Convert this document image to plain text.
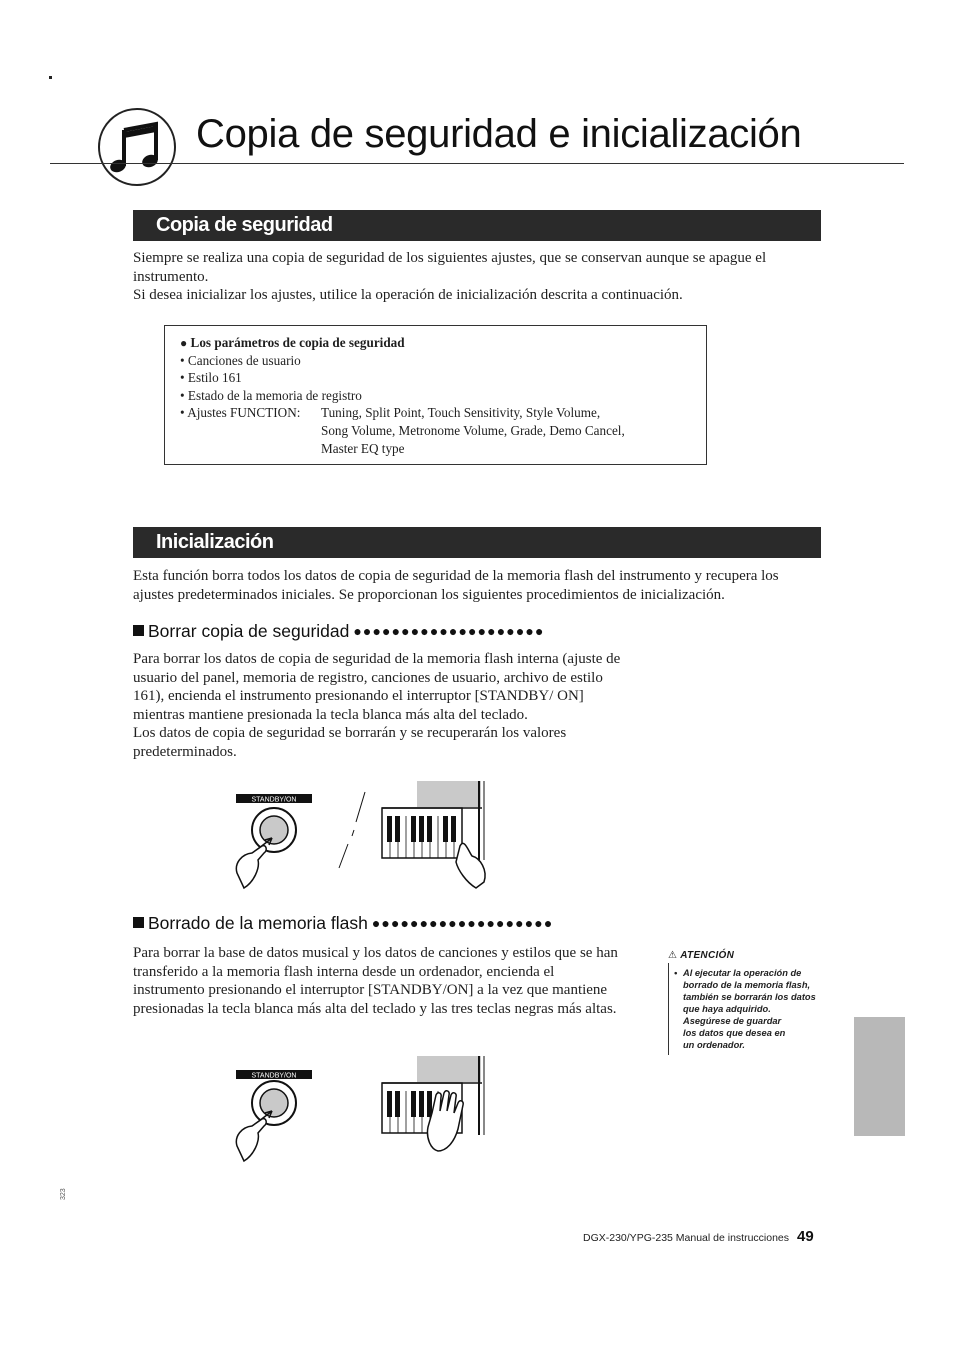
Copia de seguridad e inicialización
Copia de seguridad

Siempre se realiza una copia de seguridad de los siguientes ajustes, que se conservan aunque se apague el instrumento.

Si desea inicializar los ajustes, utilice la operación de inicialización descrita a continuación.

● Los parámetros de copia de seguridad
• Canciones de usuario
• Estilo 161
• Estado de la memoria de registro
• Ajustes FUNCTION: Tuning, Split Point, Touch Sensitivity, Style Volume,
Song Volume, Metronome Volume, Grade, Demo Cancel,
Master EQ type
Inicialización
Esta función borra todos los datos de copia de seguridad de la memoria flash del instrumento y recupera los ajustes predeterminados iniciales. Se proporcionan los siguientes procedimientos de inicialización.
Borrar copia de seguridad ●●●●●●●●●●●●●●●●●●●●

Para borrar los datos de copia de seguridad de la memoria flash interna (ajuste de usuario del panel, memoria de registro, canciones de usuario, archivo de estilo 161), encienda el instrumento presionando el interruptor [STANDBY/ ON] mientras mantiene presionada la tecla blanca más alta del teclado.

Los datos de copia de seguridad se borrarán y se recuperarán los valores predeterminados.

STANDBY/ON
Borrado de la memoria flash ●●●●●●●●●●●●●●●●●●●
Para borrar la base de datos musical y los datos de canciones y estilos que se han transferido a la memoria flash interna desde un ordenador, encienda el instrumento presionando el interruptor [STANDBY/ON] a la vez que mantiene presionadas la tecla blanca más alta del teclado y las tres teclas negras más altas.
⚠ ATENCIÓN
• Al ejecutar la operación de
borrado de la memoria flash,
también se borrarán los datos
que haya adquirido.
Asegúrese de guardar
los datos que desea en
un ordenador.
STANDBY/ON
323
DGX-230/YPG-235 Manual de instrucciones 49
